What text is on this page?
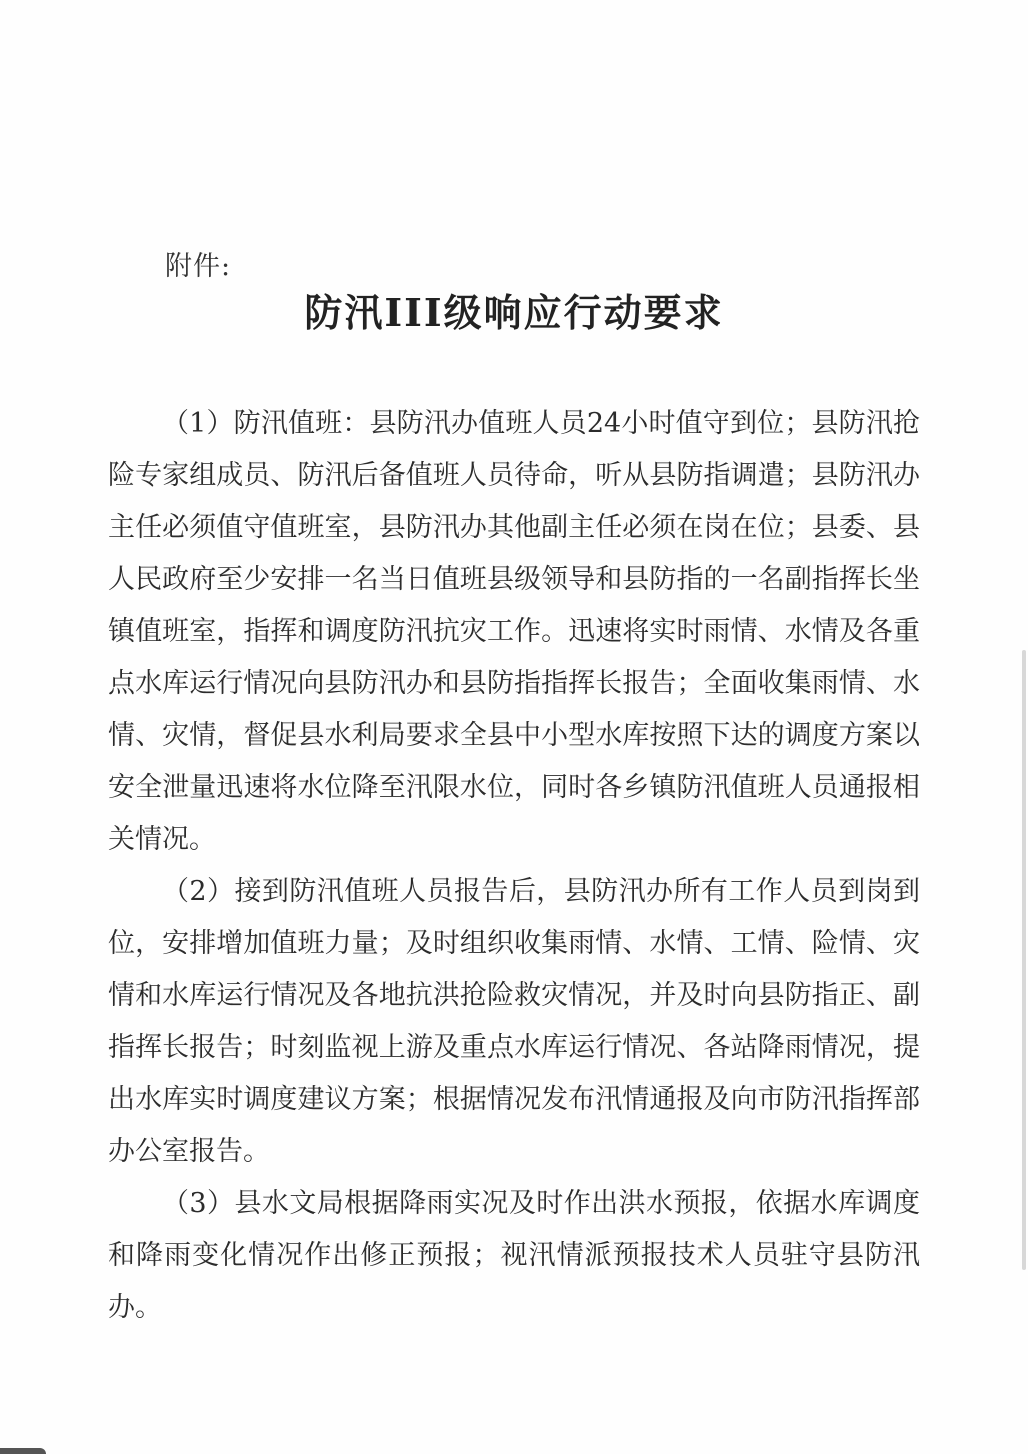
附件:
防汛III级响应行动要求

（1）防汛值班：县防汛办值班人员24小时值守到位；县防汛抢险专家组成员、防汛后备值班人员待命，听从县防指调遣；县防汛办主任必须值守值班室，县防汛办其他副主任必须在岗在位；县委、县人民政府至少安排一名当日值班县级领导和县防指的一名副指挥长坐镇值班室，指挥和调度防汛抗灾工作。迅速将实时雨情、水情及各重点水库运行情况向县防汛办和县防指指挥长报告；全面收集雨情、水情、灾情，督促县水利局要求全县中小型水库按照下达的调度方案以安全泄量迅速将水位降至汛限水位，同时各乡镇防汛值班人员通报相关情况。

（2）接到防汛值班人员报告后，县防汛办所有工作人员到岗到位，安排增加值班力量；及时组织收集雨情、水情、工情、险情、灾情和水库运行情况及各地抗洪抢险救灾情况，并及时向县防指正、副指挥长报告；时刻监视上游及重点水库运行情况、各站降雨情况，提出水库实时调度建议方案；根据情况发布汛情通报及向市防汛指挥部办公室报告。

（3）县水文局根据降雨实况及时作出洪水预报，依据水库调度和降雨变化情况作出修正预报；视汛情派预报技术人员驻守县防汛办。
